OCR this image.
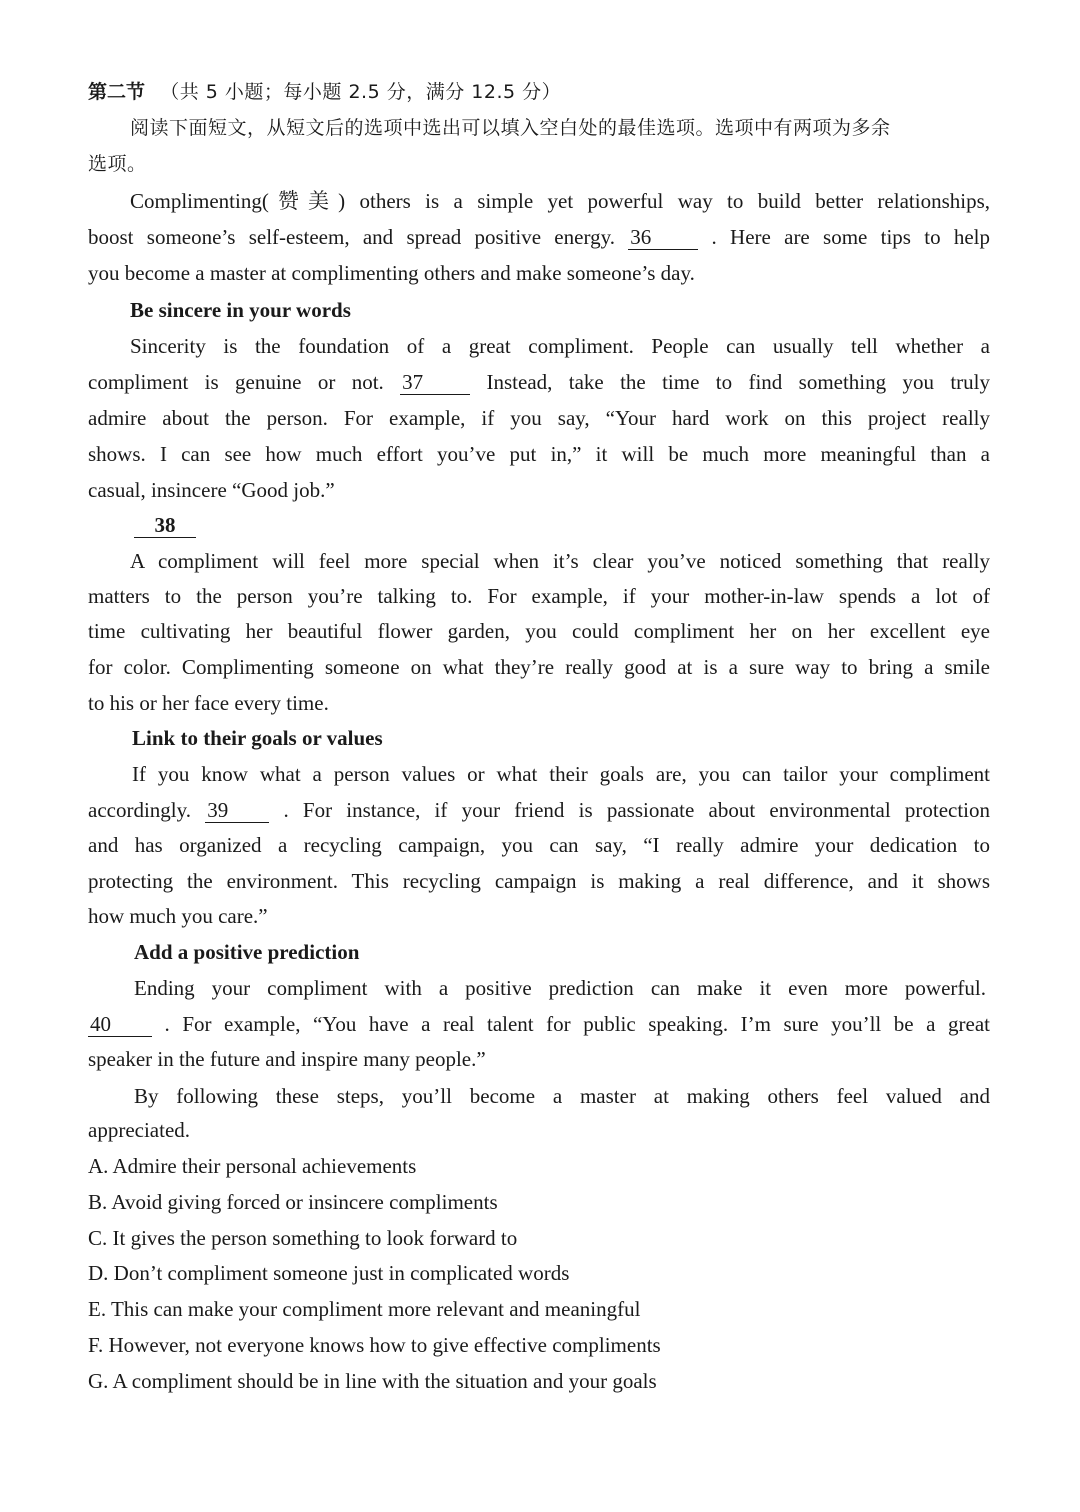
第二节 （共 5 小题；每小题 2.5 分，满分 12.5 分）
阅读下面短文，从短文后的选项中选出可以填入空白处的最佳选项。选项中有两项为多余
选项。
Complimenting(赞美) others is a simple yet powerful way to build better relationships,
boost someone’s self-esteem, and spread positive energy. 36	. Here are some tips to help
you become a master at complimenting others and make someone’s day.
Be sincere in your words
Sincerity is the foundation of a great compliment. People can usually tell whether a
compliment is genuine or not. 37	Instead, take the time to find something you truly
admire about the person. For example, if you say, “Your hard work on this project really
shows. I can see how much effort you’ve put in,” it will be much more meaningful than a
casual, insincere “Good job.”
38
A compliment will feel more special when it’s clear you’ve noticed something that really
matters to the person you’re talking to. For example, if your mother-in-law spends a lot of
time cultivating her beautiful flower garden, you could compliment her on her excellent eye
for color. Complimenting someone on what they’re really good at is a sure way to bring a smile
to his or her face every time.
Link to their goals or values
If you know what a person values or what their goals are, you can tailor your compliment
accordingly. 39	. For instance, if your friend is passionate about environmental protection
and has organized a recycling campaign, you can say, “I really admire your dedication to
protecting the environment. This recycling campaign is making a real difference, and it shows
how much you care.”
Add a positive prediction
Ending your compliment with a positive prediction can make it even more powerful.
40	. For example, “You have a real talent for public speaking. I’m sure you’ll be a great
speaker in the future and inspire many people.”
By following these steps, you’ll become a master at making others feel valued and
appreciated.
A. Admire their personal achievements
B. Avoid giving forced or insincere compliments
C. It gives the person something to look forward to
D. Don’t compliment someone just in complicated words
E. This can make your compliment more relevant and meaningful
F. However, not everyone knows how to give effective compliments
G. A compliment should be in line with the situation and your goals
